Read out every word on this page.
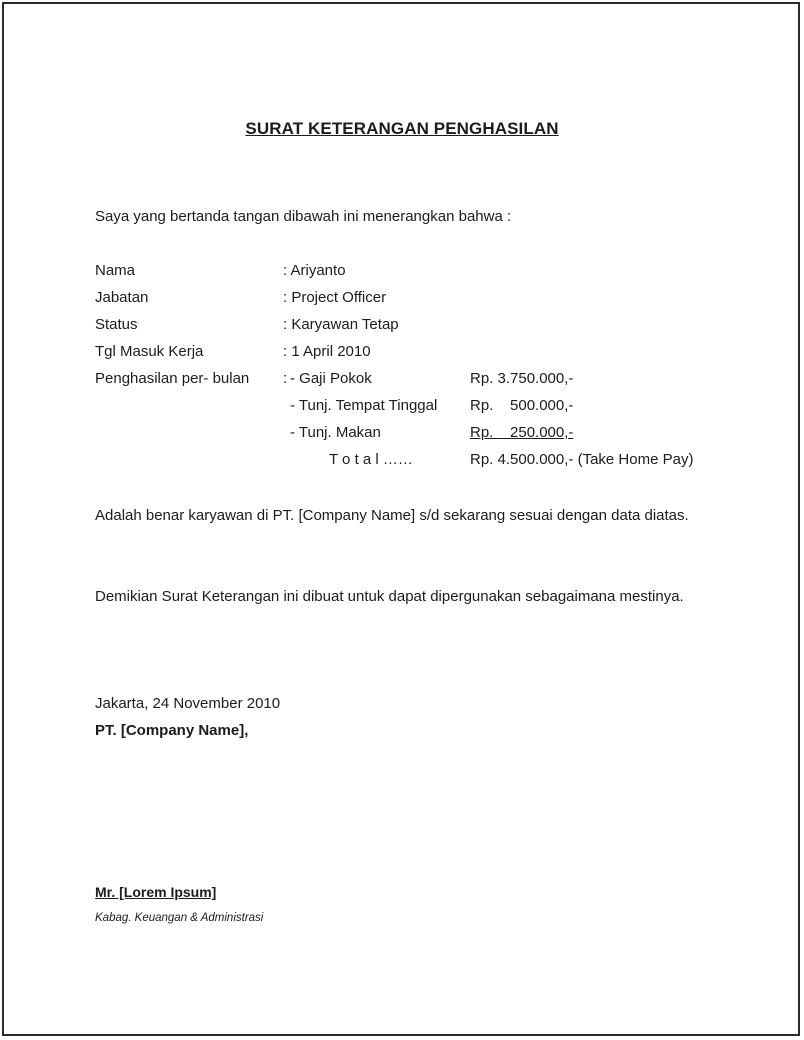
SURAT KETERANGAN PENGHASILAN
Saya yang bertanda tangan dibawah ini menerangkan bahwa :
Nama	: Ariyanto
Jabatan	: Project Officer
Status	: Karyawan Tetap
Tgl Masuk Kerja	: 1 April 2010
Penghasilan per- bulan : - Gaji Pokok	Rp. 3.750.000,-
- Tunj. Tempat Tinggal Rp.    500.000,-
- Tunj. Makan	Rp.    250.000,-
T o t a l ……	Rp. 4.500.000,- (Take Home Pay)
Adalah benar karyawan di PT. [Company Name] s/d sekarang sesuai dengan data diatas.
Demikian Surat Keterangan ini dibuat untuk dapat dipergunakan sebagaimana mestinya.
Jakarta, 24 November 2010
PT. [Company Name],
Mr. [Lorem Ipsum]
Kabag. Keuangan & Administrasi
